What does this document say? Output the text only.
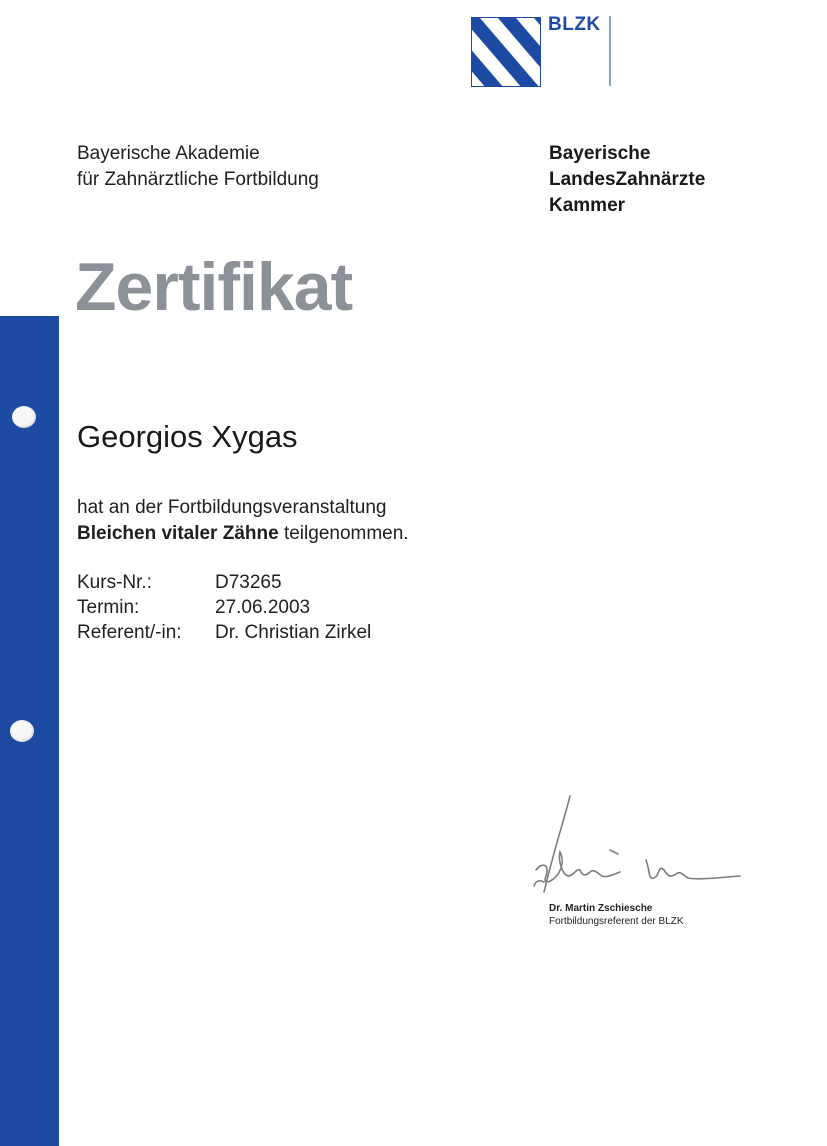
BLZK
Bayerische Akademie
für Zahnärztliche Fortbildung
Bayerische
LandesZahnärzte
Kammer
Zertifikat
Georgios Xygas
hat an der Fortbildungsveranstaltung
Bleichen vitaler Zähne teilgenommen.
Kurs-Nr.:	D73265
Termin:	27.06.2003
Referent/-in:	Dr. Christian Zirkel
Dr. Martin Zschiesche
Fortbildungsreferent der BLZK
